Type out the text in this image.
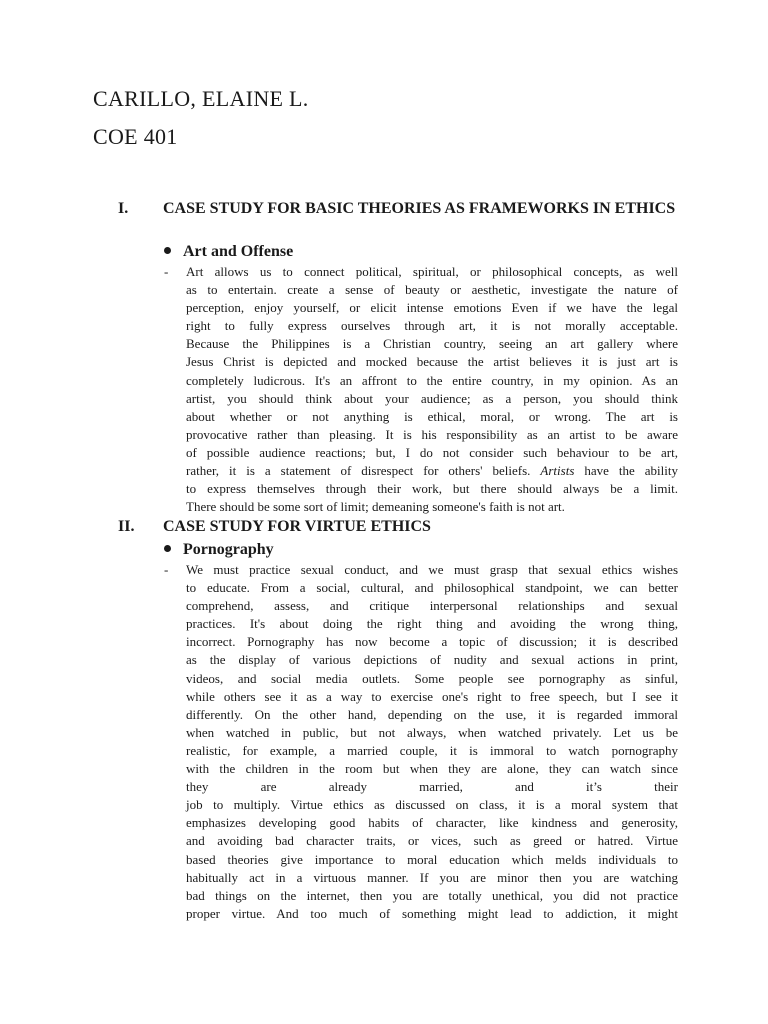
CARILLO, ELAINE L.
COE 401
I. CASE STUDY FOR BASIC THEORIES AS FRAMEWORKS IN ETHICS
Art and Offense
- Art allows us to connect political, spiritual, or philosophical concepts, as well
as to entertain. create a sense of beauty or aesthetic, investigate the nature of
perception, enjoy yourself, or elicit intense emotions Even if we have the legal
right to fully express ourselves through art, it is not morally acceptable.
Because the Philippines is a Christian country, seeing an art gallery where
Jesus Christ is depicted and mocked because the artist believes it is just art is
completely ludicrous. It's an affront to the entire country, in my opinion. As an
artist, you should think about your audience; as a person, you should think
about whether or not anything is ethical, moral, or wrong. The art is
provocative rather than pleasing. It is his responsibility as an artist to be aware
of possible audience reactions; but, I do not consider such behaviour to be art,
rather, it is a statement of disrespect for others' beliefs. Artists have the ability
to express themselves through their work, but there should always be a limit.
There should be some sort of limit; demeaning someone's faith is not art.
II. CASE STUDY FOR VIRTUE ETHICS
Pornography
- We must practice sexual conduct, and we must grasp that sexual ethics wishes
to educate. From a social, cultural, and philosophical standpoint, we can better
comprehend, assess, and critique interpersonal relationships and sexual
practices. It's about doing the right thing and avoiding the wrong thing,
incorrect. Pornography has now become a topic of discussion; it is described
as the display of various depictions of nudity and sexual actions in print,
videos, and social media outlets. Some people see pornography as sinful,
while others see it as a way to exercise one's right to free speech, but I see it
differently. On the other hand, depending on the use, it is regarded immoral
when watched in public, but not always, when watched privately. Let us be
realistic, for example, a married couple, it is immoral to watch pornography
with the children in the room but when they are alone, they can watch since
they are already married, and it’s their
job to multiply. Virtue ethics as discussed on class, it is a moral system that
emphasizes developing good habits of character, like kindness and generosity,
and avoiding bad character traits, or vices, such as greed or hatred. Virtue
based theories give importance to moral education which melds individuals to
habitually act in a virtuous manner. If you are minor then you are watching
bad things on the internet, then you are totally unethical, you did not practice
proper virtue. And too much of something might lead to addiction, it might
